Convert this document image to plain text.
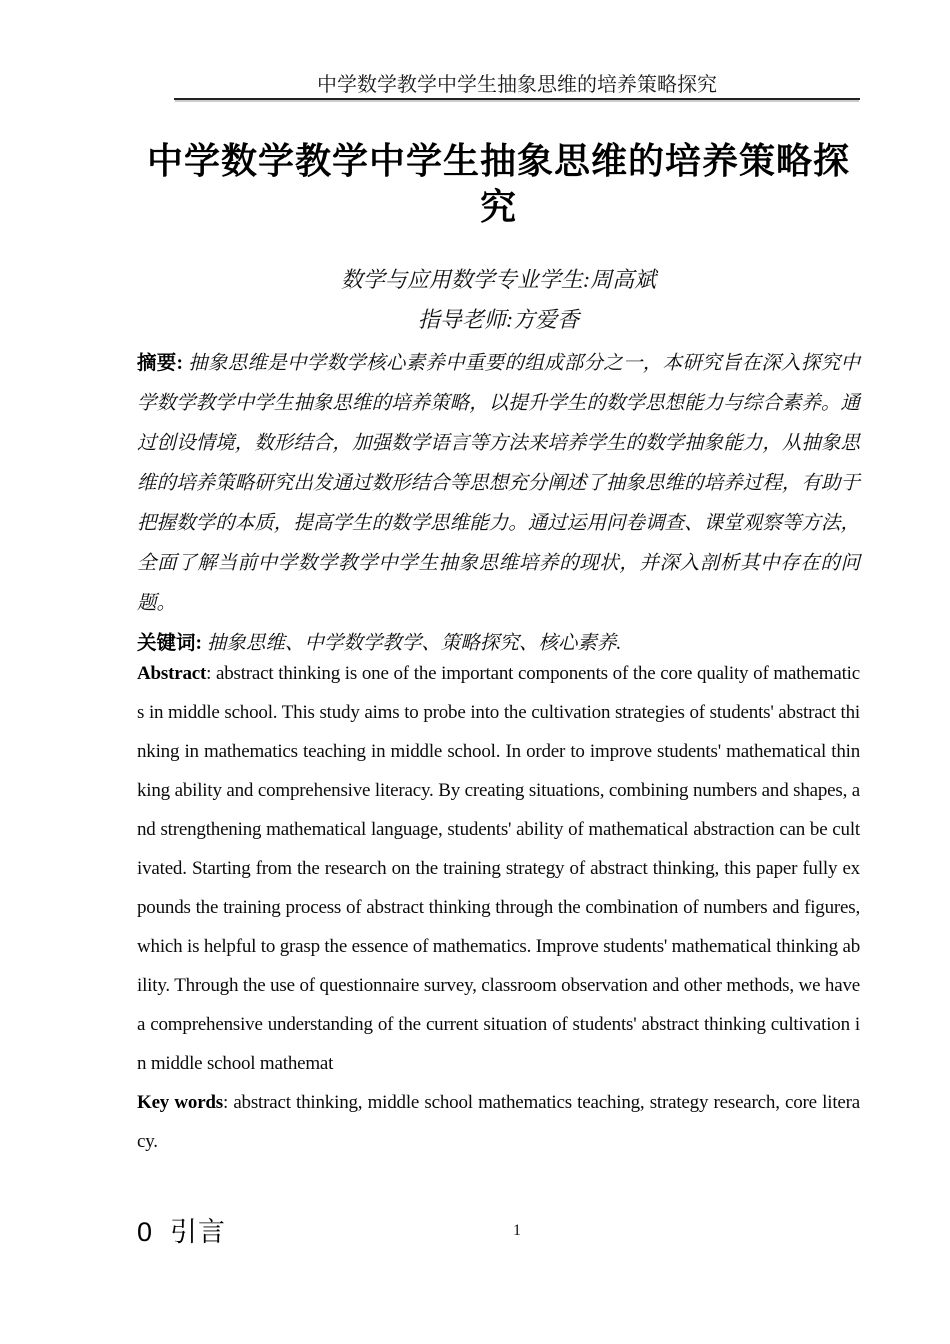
中学数学教学中学生抽象思维的培养策略探究
中学数学教学中学生抽象思维的培养策略探究
数学与应用数学专业学生:周高斌
指导老师:方爱香

摘要: 抽象思维是中学数学核心素养中重要的组成部分之一，本研究旨在深入探究中学数学教学中学生抽象思维的培养策略，以提升学生的数学思想能力与综合素养。通过创设情境，数形结合，加强数学语言等方法来培养学生的数学抽象能力，从抽象思维的培养策略研究出发通过数形结合等思想充分阐述了抽象思维的培养过程，有助于把握数学的本质，提高学生的数学思维能力。通过运用问卷调查、课堂观察等方法，全面了解当前中学数学教学中学生抽象思维培养的现状，并深入剖析其中存在的问题。

关键词: 抽象思维、中学数学教学、策略探究、核心素养.

Abstract: abstract thinking is one of the important components of the core quality of mathematics in middle school. This study aims to probe into the cultivation strategies of students' abstract thinking in mathematics teaching in middle school. In order to improve students' mathematical thinking ability and comprehensive literacy. By creating situations, combining numbers and shapes, and strengthening mathematical language, students' ability of mathematical abstraction can be cultivated. Starting from the research on the training strategy of abstract thinking, this paper fully expounds the training process of abstract thinking through the combination of numbers and figures, which is helpful to grasp the essence of mathematics. Improve students' mathematical thinking ability. Through the use of questionnaire survey, classroom observation and other methods, we have a comprehensive understanding of the current situation of students' abstract thinking cultivation in middle school mathemat

Key words: abstract thinking, middle school mathematics teaching, strategy research, core literacy.

0  引言	1
